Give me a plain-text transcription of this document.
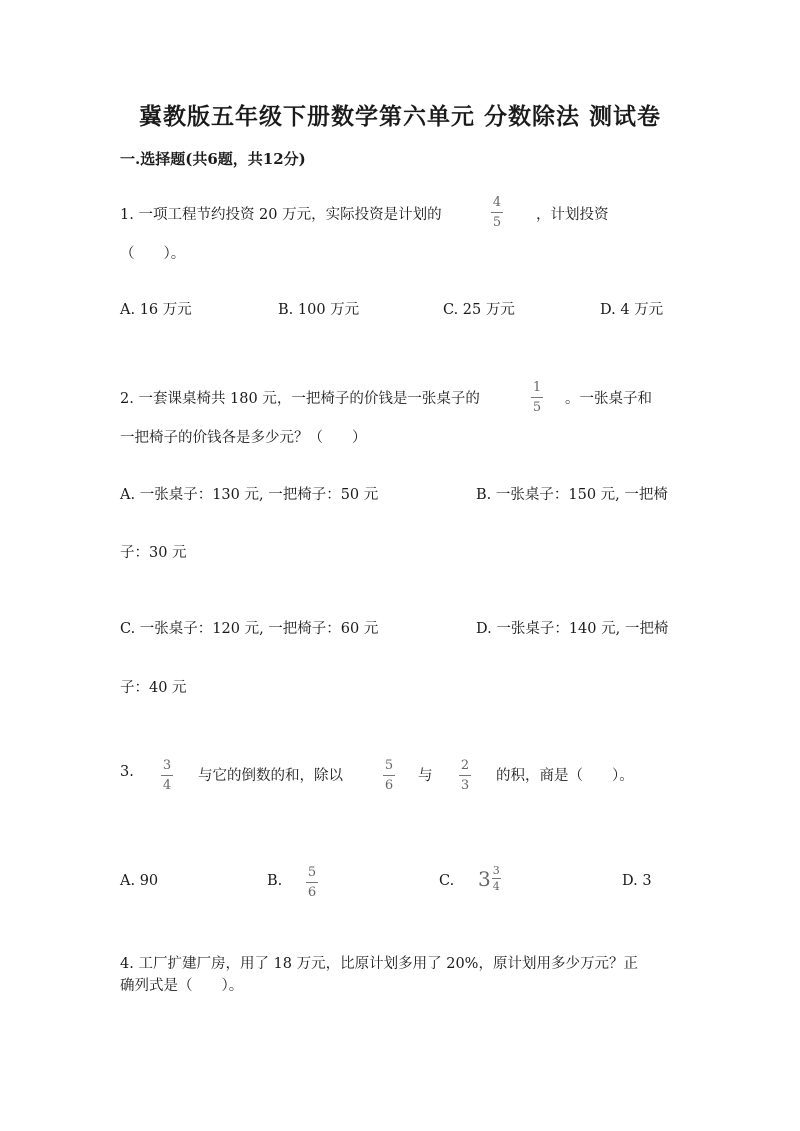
冀教版五年级下册数学第六单元 分数除法 测试卷
一.选择题(共6题，共12分)
1. 一项工程节约投资 20 万元，实际投资是计划的
4
5 ，计划投资
（　　）。
A. 16 万元	B. 100 万元	C. 25 万元	D. 4 万元
2. 一套课桌椅共 180 元，一把椅子的价钱是一张桌子的
1
5
。一张桌子和
一把椅子的价钱各是多少元？（　　）
A. 一张桌子：130 元, 一把椅子：50 元	B. 一张桌子：150 元, 一把椅
子：30 元
C. 一张桌子：120 元, 一把椅子：60 元	D. 一张桌子：140 元, 一把椅
子：40 元
3. 3
4
与它的倒数的和，除以
5
6
与
2
3
的积，商是（　　）。
A. 90	B.
5
6
C. $3 \frac{3}{4}$	D. 3
4. 工厂扩建厂房，用了 18 万元，比原计划多用了 20%，原计划用多少万元？正
确列式是（　　）。
